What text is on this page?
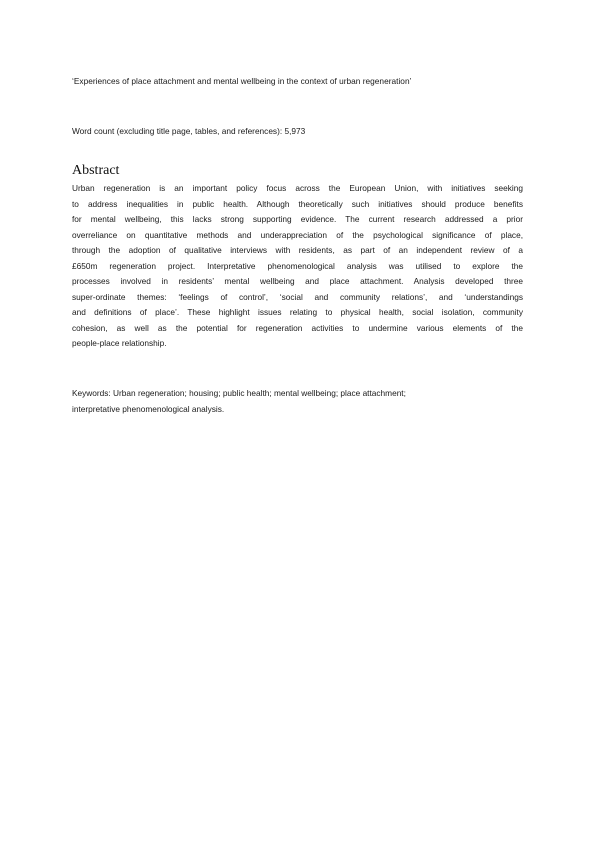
‘Experiences of place attachment and mental wellbeing in the context of urban regeneration’
Word count (excluding title page, tables, and references): 5,973
Abstract
Urban regeneration is an important policy focus across the European Union, with initiatives seeking
to address inequalities in public health. Although theoretically such initiatives should produce benefits
for mental wellbeing, this lacks strong supporting evidence. The current research addressed a prior
overreliance on quantitative methods and underappreciation of the psychological significance of place,
through the adoption of qualitative interviews with residents, as part of an independent review of a
£650m regeneration project. Interpretative phenomenological analysis was utilised to explore the
processes involved in residents’ mental wellbeing and place attachment. Analysis developed three
super-ordinate themes: ‘feelings of control’, ‘social and community relations’, and ‘understandings
and definitions of place’. These highlight issues relating to physical health, social isolation, community
cohesion, as well as the potential for regeneration activities to undermine various elements of the
people-place relationship.
Keywords: Urban regeneration; housing; public health; mental wellbeing; place attachment;
interpretative phenomenological analysis.
